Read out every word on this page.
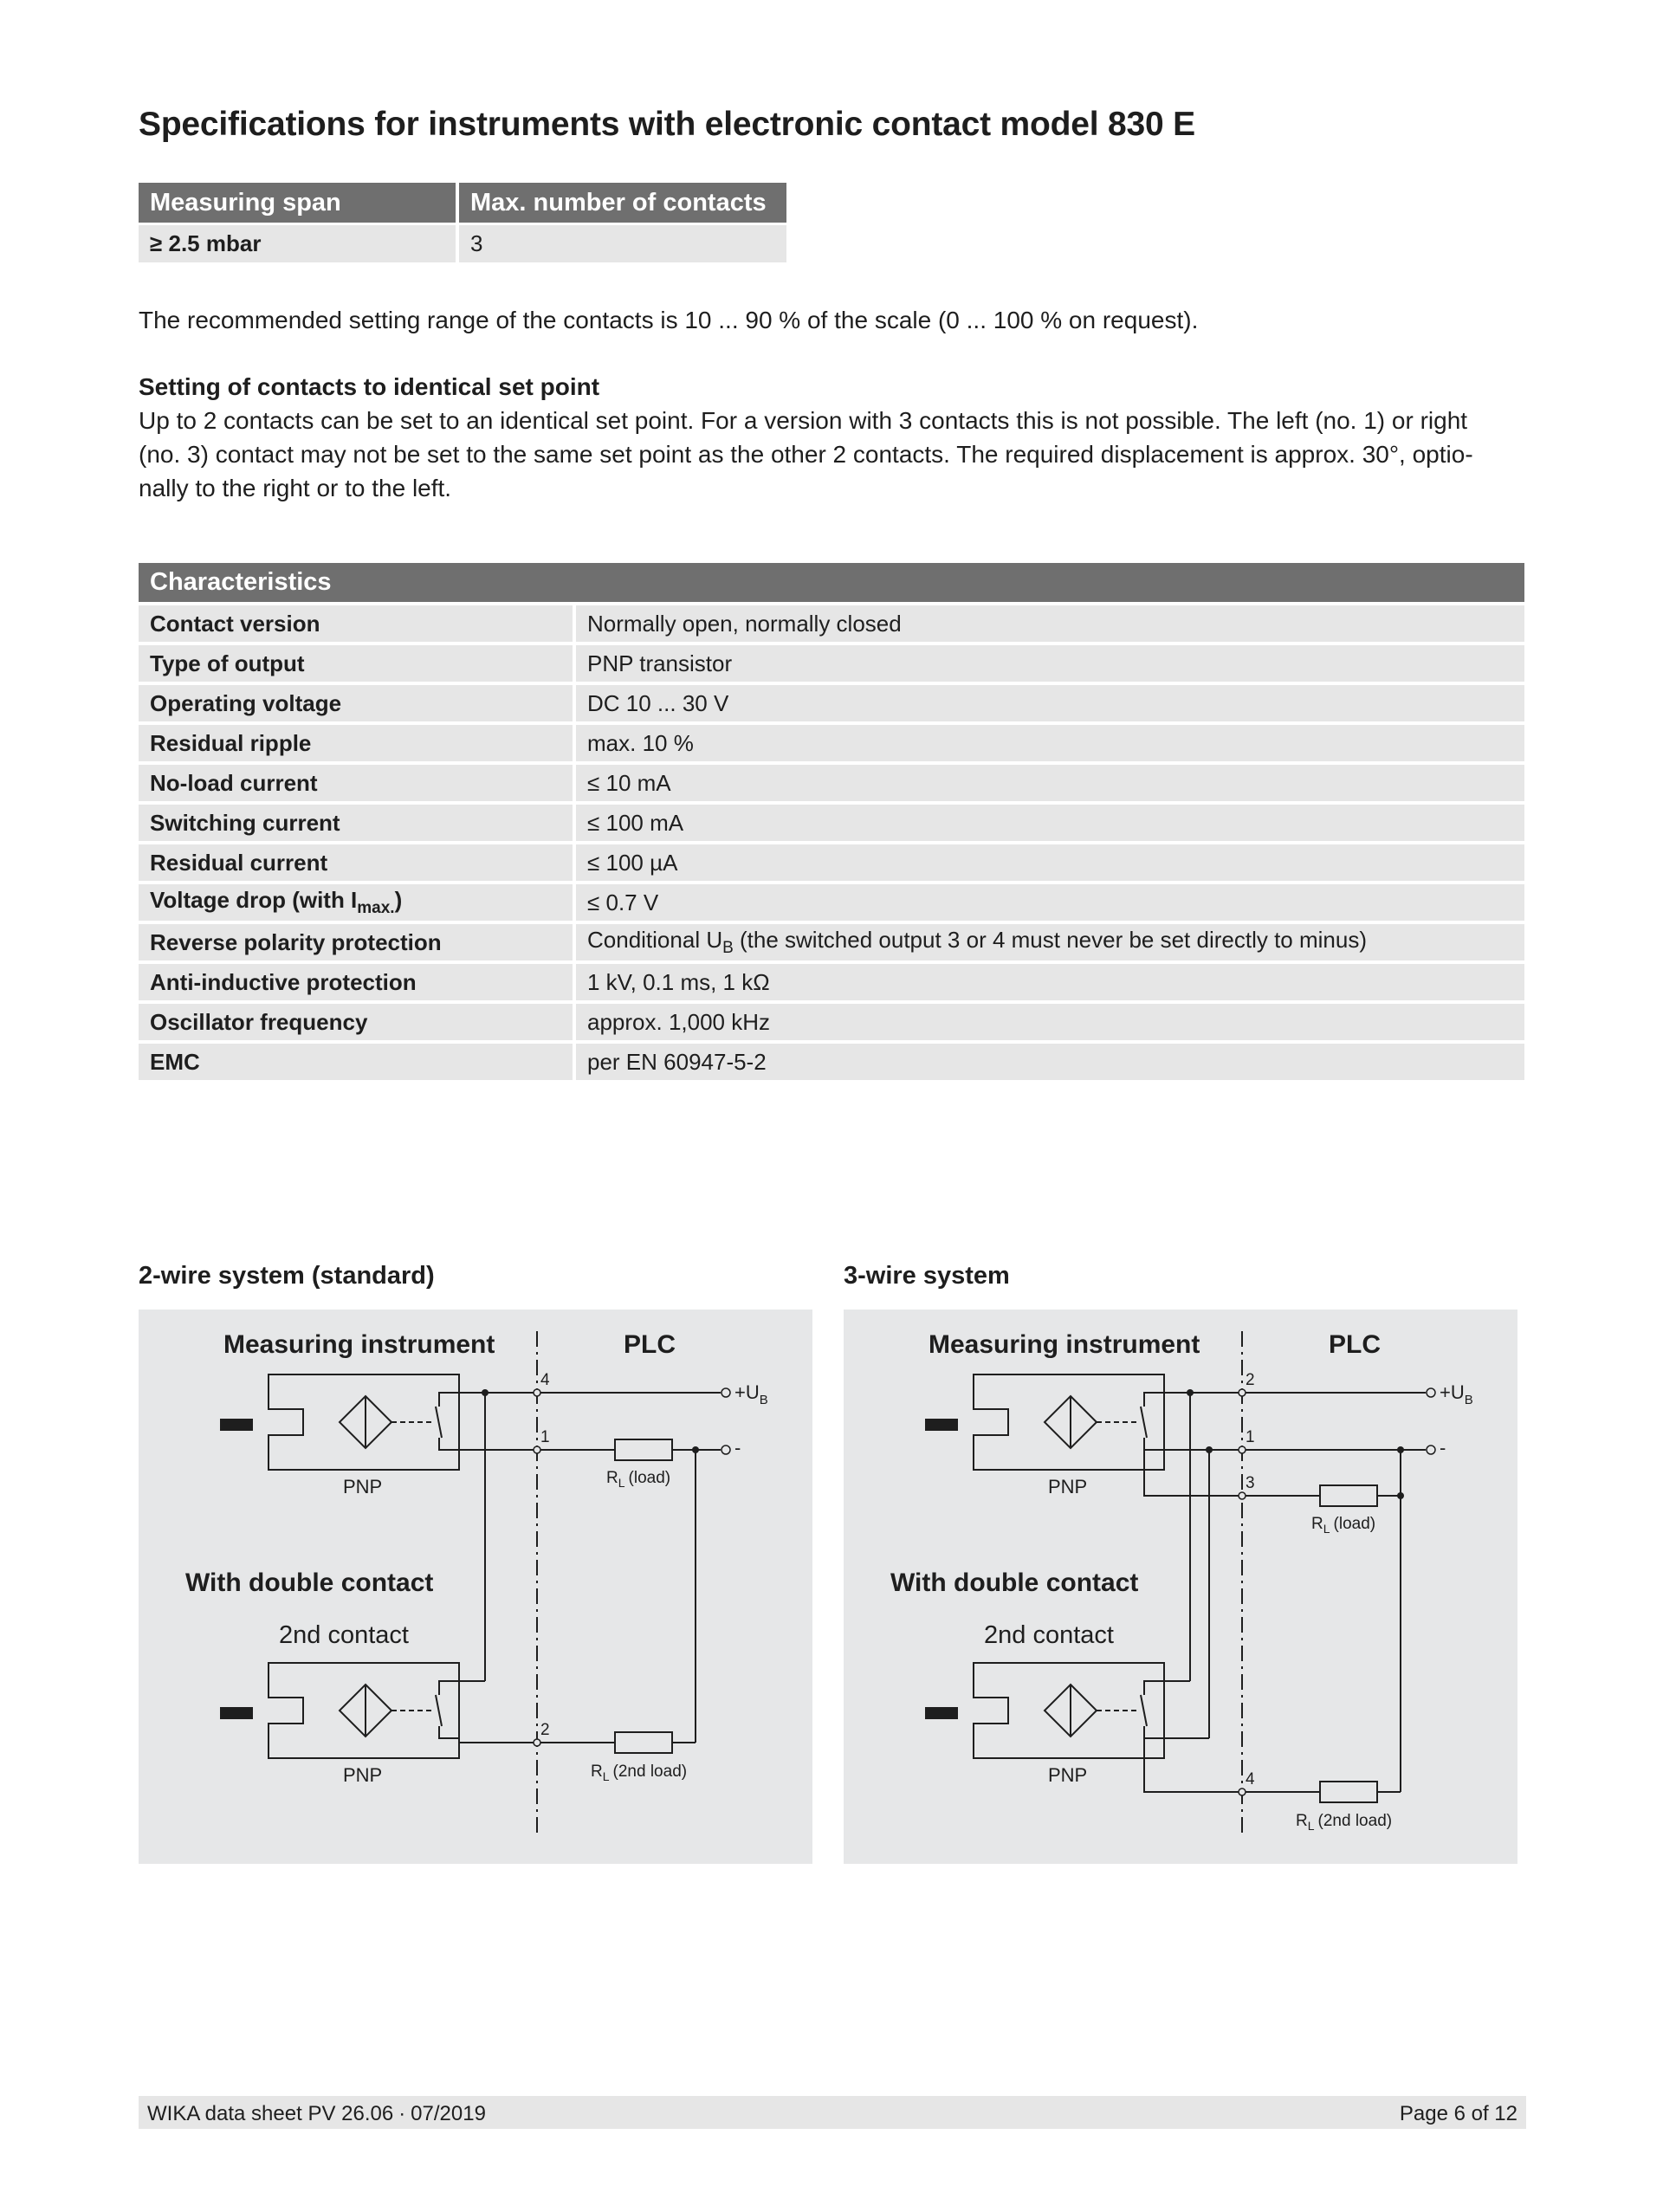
Specifications for instruments with electronic contact model 830 E
Measuring span	Max. number of contacts
≥ 2.5 mbar	3

The recommended setting range of the contacts is 10 ... 90 % of the scale (0 ... 100 % on request).

Setting of contacts to identical set point
Up to 2 contacts can be set to an identical set point. For a version with 3 contacts this is not possible. The left (no. 1) or right
(no. 3) contact may not be set to the same set point as the other 2 contacts. The required displacement is approx. 30°, optio-
nally to the right or to the left.
Characteristics	
Contact version	Normally open, normally closed
Type of output	PNP transistor
Operating voltage	DC 10 ... 30 V
Residual ripple	max. 10 %
No-load current	≤ 10 mA
Switching current	≤ 100 mA
Residual current	≤ 100 µA
Voltage drop (with $I_{max.}$)	≤ 0.7 V
Reverse polarity protection	Conditional $U_B$ (the switched output 3 or 4 must never be set directly to minus)
Anti-inductive protection	1 kV, 0.1 ms, 1 kΩ
Oscillator frequency	approx. 1,000 kHz
EMC	per EN 60947-5-2
2-wire system (standard)
Measuring instrument	PLC
PNP
PNP
With double contact
2nd contact
4
1
2
$+U_B$
-
$R_L$ (load)
$R_L$ (2nd load)
3-wire system
Measuring instrument	PLC
PNP
PNP
With double contact
2nd contact
2
1
3
4
$+U_B$
-
$R_L$ (load)
$R_L$ (2nd load)
WIKA data sheet PV 26.06 ∙ 07/2019	Page 6 of 12
